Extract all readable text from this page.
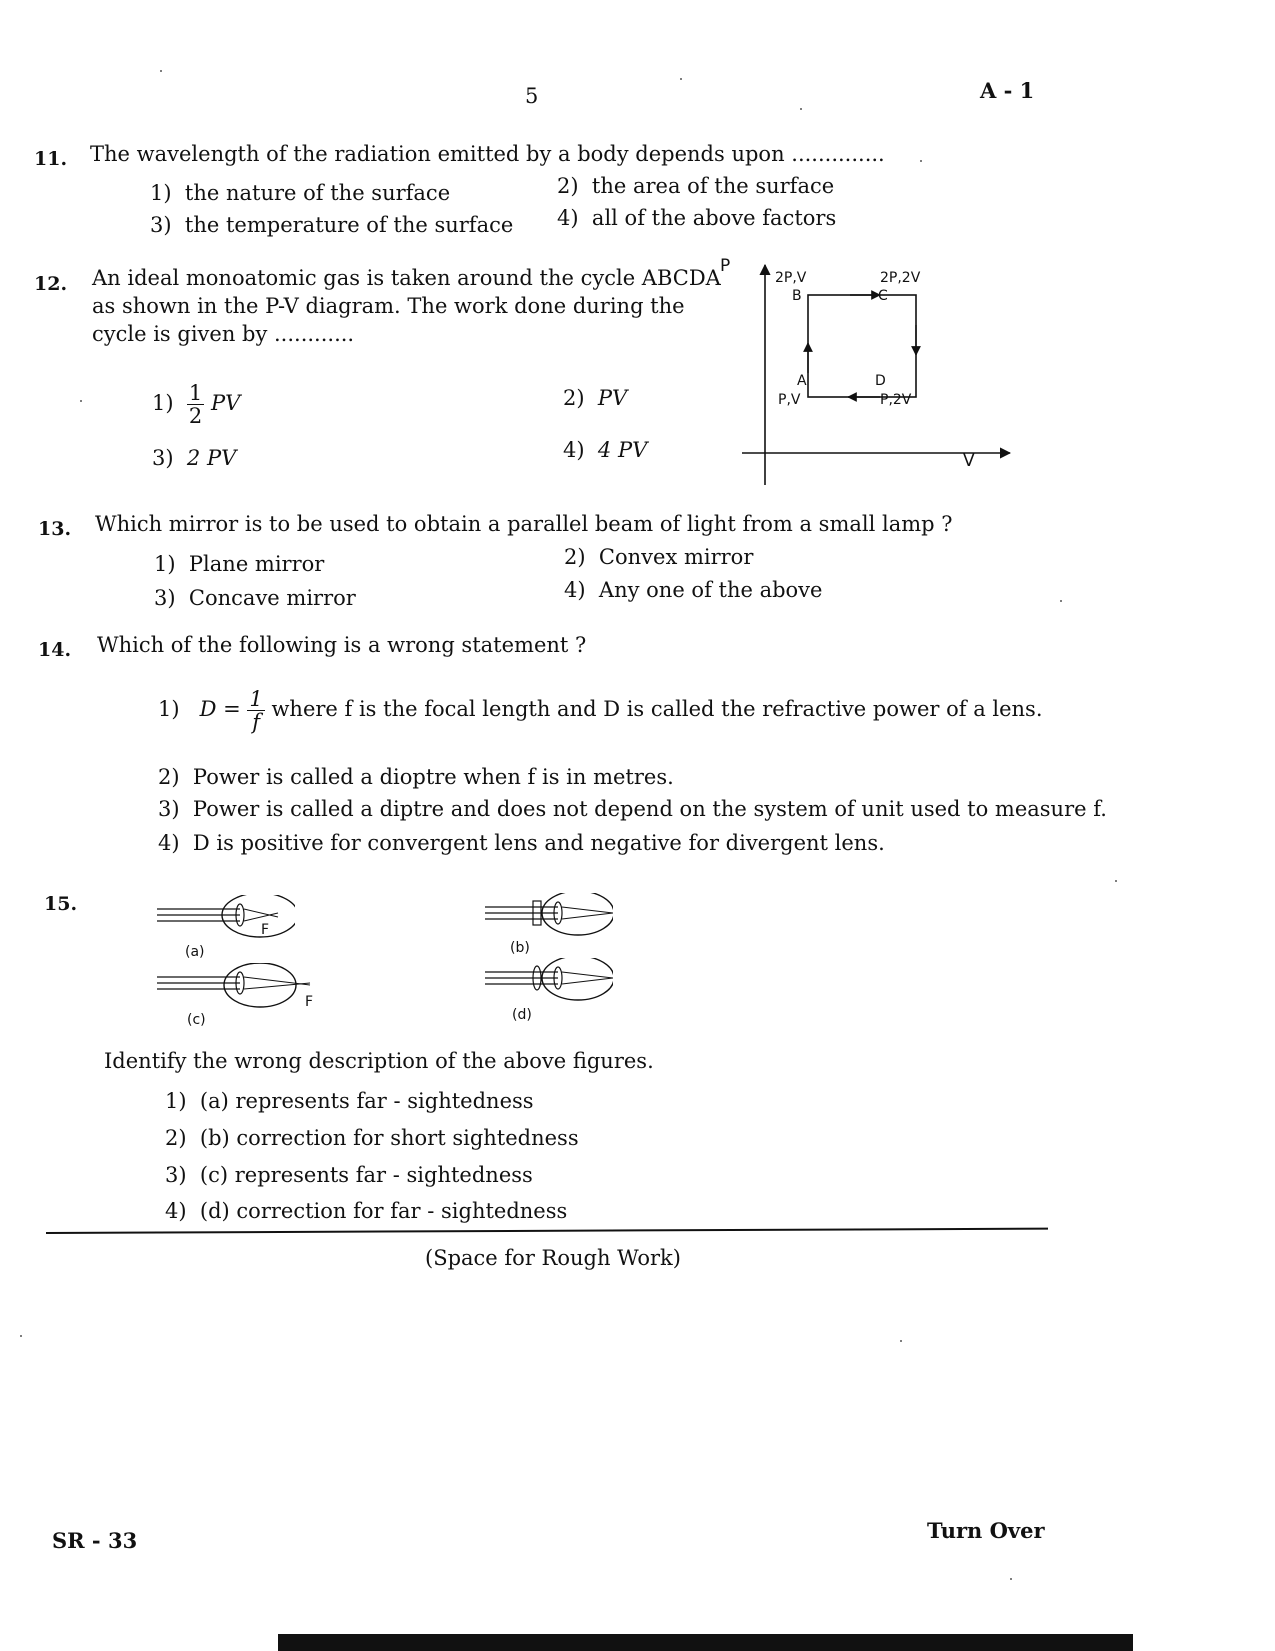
5	A - 1
11. The wavelength of the radiation emitted by a body depends upon ..............
1) the nature of the surface	2) the area of the surface
3) the temperature of the surface 4) all of the above factors
12. An ideal monoatomic gas is taken around the cycle ABCDA
as shown in the P-V diagram. The work done during the
cycle is given by ............
$1) \frac{1}{2}$ PV	2) PV
3) 2 PV	4) 4 PV
P
V
2P,V	2P,2V
B	C
A	D
P,V	P,2V
13. Which mirror is to be used to obtain a parallel beam of light from a small lamp ?
1) Plane mirror	2) Convex mirror
3) Concave mirror	4) Any one of the above
14. Which of the following is a wrong statement ?
1) $D = \frac{1}{f}$ where f is the focal length and D is called the refractive power of a lens.
2) Power is called a dioptre when f is in metres.
3) Power is called a diptre and does not depend on the system of unit used to measure f.
4) D is positive for convergent lens and negative for divergent lens.
15.
F
(a)	(b)
F
(c)	(d)
Identify the wrong description of the above figures.
1) (a) represents far - sightedness
2) (b) correction for short sightedness
3) (c) represents far - sightedness
4) (d) correction for far - sightedness
(Space for Rough Work)
SR - 33	Turn Over
